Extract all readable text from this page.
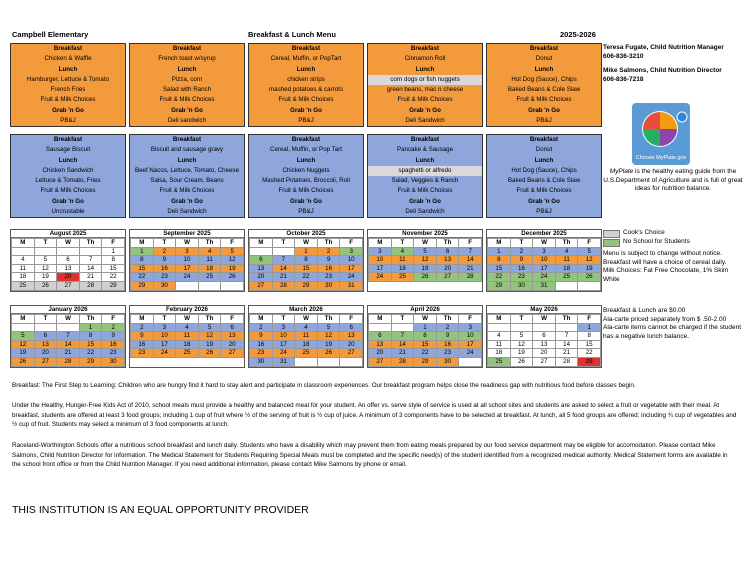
Campbell Elementary	Breakfast & Lunch Menu	2025-2026
Breakfast
Chicken & Waffle
Lunch
Hamburger, Lettuce & Tomato
French Fries
Fruit & Milk Choices
Grab 'n Go
PB&J
Breakfast
French toast w/syrup
Lunch
Pizza, corn
Salad with Ranch
Fruit & Milk Choices
Grab 'n Go
Deli sandwich
Breakfast
Cereal, Muffin, or PopTart
Lunch
chicken strips
mashed potatoes & carrots
Fruit & Milk Choices
Grab 'n Go
PB&J
Breakfast
Cinnamon Roll
Lunch
corn dogs or fish nuggets
green beans, mac n cheese
Fruit & Milk Choices
Grab 'n Go
Deli Sandwich
Breakfast
Donut
Lunch
Hot Dog (Sauce), Chips
Baked Beans & Cole Slaw
Fruit & Milk Choices
Grab 'n Go
PB&J
Breakfast
Sausage Biscuit
Lunch
Chicken Sandwich
Lettuce & Tomato, Fries
Fruit & Milk Choices
Grab 'n Go
Uncrustable
Breakfast
Biscuit and sausage gravy
Lunch
Beef Nacos, Lettuce, Tomato, Cheese
Salsa, Sour Cream, Beans
Fruit & Milk Choices
Grab 'n Go
Deli Sandwich
Breakfast
Cereal, Muffin, or Pop Tart
Lunch
Chicken Nuggets
Mashed Potatoes, Broccoli, Roll
Fruit & Milk Choices
Grab 'n Go
PB&J
Breakfast
Pancake & Sausage
Lunch
spaghetti or alfredo
Salad, Veggies & Ranch
Fruit & Milk Choices
Grab 'n Go
Deli Sandwich
Breakfast
Donut
Lunch
Hot Dog (Sauce), Chips
Baked Beans & Cole Slaw
Fruit & Milk Choices
Grab 'n Go
PB&J
August 2025
M	T	W	Th	F
				1
4	5	6	7	8
11	12	13	14	15
18	19	20	21	22
25	26	27	28	29
September 2025
M	T	W	Th	F
1	2	3	4	5
8	9	10	11	12
15	16	17	18	19
22	23	24	25	26
29	30			
October 2025
M	T	W	Th	F
		1	2	3
6	7	8	9	10
13	14	15	16	17
20	21	22	23	24
27	28	29	30	31
November 2025
M	T	W	Th	F
3	4	5	6	7
10	11	12	13	14
17	18	19	20	21
24	25	26	27	28
December 2025
M	T	W	Th	F
1	2	3	4	5
8	9	10	11	12
15	16	17	18	19
22	23	24	25	26
29	30	31		
January 2026
M	T	W	Th	F
			1	2
5	6	7	8	9
12	13	14	15	16
19	20	21	22	23
26	27	28	29	30
February 2026
M	T	W	Th	F
2	3	4	5	6
9	10	11	12	13
16	17	18	19	20
23	24	25	26	27
March 2026
M	T	W	Th	F
2	3	4	5	6
9	10	11	12	13
16	17	18	19	20
23	24	25	26	27
30	31			
April 2026
M	T	W	Th	F
		1	2	3
6	7	8	9	10
13	14	15	16	17
20	21	22	23	24
27	28	29	30	
May 2026
M	T	W	Th	F
				1
4	5	6	7	8
11	12	13	14	15
18	19	20	21	22
25	26	27	28	29
Teresa Fugate, Child Nutrition Manager
606-836-3210
Mike Salmons, Child Nutrition Director
606-836-7218
Choose MyPlate.gov
MyPlate is the healthy eating guide from the U.S.Department of Agriculture and is full of great ideas for nutrition balance.
Cook's Choice
No School for Students
Menu is subject to change without notice.
Breakfast will have a choice of cereal daily.
Milk Choices: Fat Free Chocolate, 1% Skim White
Breakfast & Lunch are $0.00
Ala-carte priced separately from $ .50-2.00
Ala-carte items cannot be charged if the student has a negative lunch balance.
Breakfast: The First Step to Learning: Children who are hungry find it hard to stay alert and participate in classroom experiences. Our breakfast program helps close the readiness gap with nutritious food before classes begin.
Under the Healthy, Hunger-Free Kids Act of 2010, school meals must provide a healthy and balanced meal for your student. An offer vs. serve style of service is used at all school sites and students are asked to select a fruit or vegetable with their meal. At breakfast, students are offered at least 3 food groups; including 1 cup of fruit where ½ of the serving of fruit is ½ cup of juice. A minimum of 3 components have to be selected at breakfast. At lunch, all 5 food groups are offered; including ¾ cup of vegetables and ½ cup of fruit. Students may select a minimum of 3 food components at lunch.
Raceland-Worthington Schools offer a nutritious school breakfast and lunch daily. Students who have a disability which may prevent them from eating meals prepared by our food service department may be eligible for accomodation. Please contact Mike Salmons, Child Nutrition Director for information. The Medical Statement for Students Requiring Special Meals must be completed and the specific need(s) of the student identified from a recognized medical authority. Medical Statement forms are available in the school front office or from the Child Nutrition Manager. If you need additional information, please contact Mike Salmons by phone or email.
THIS INSTITUTION IS AN EQUAL OPPORTUNITY PROVIDER
